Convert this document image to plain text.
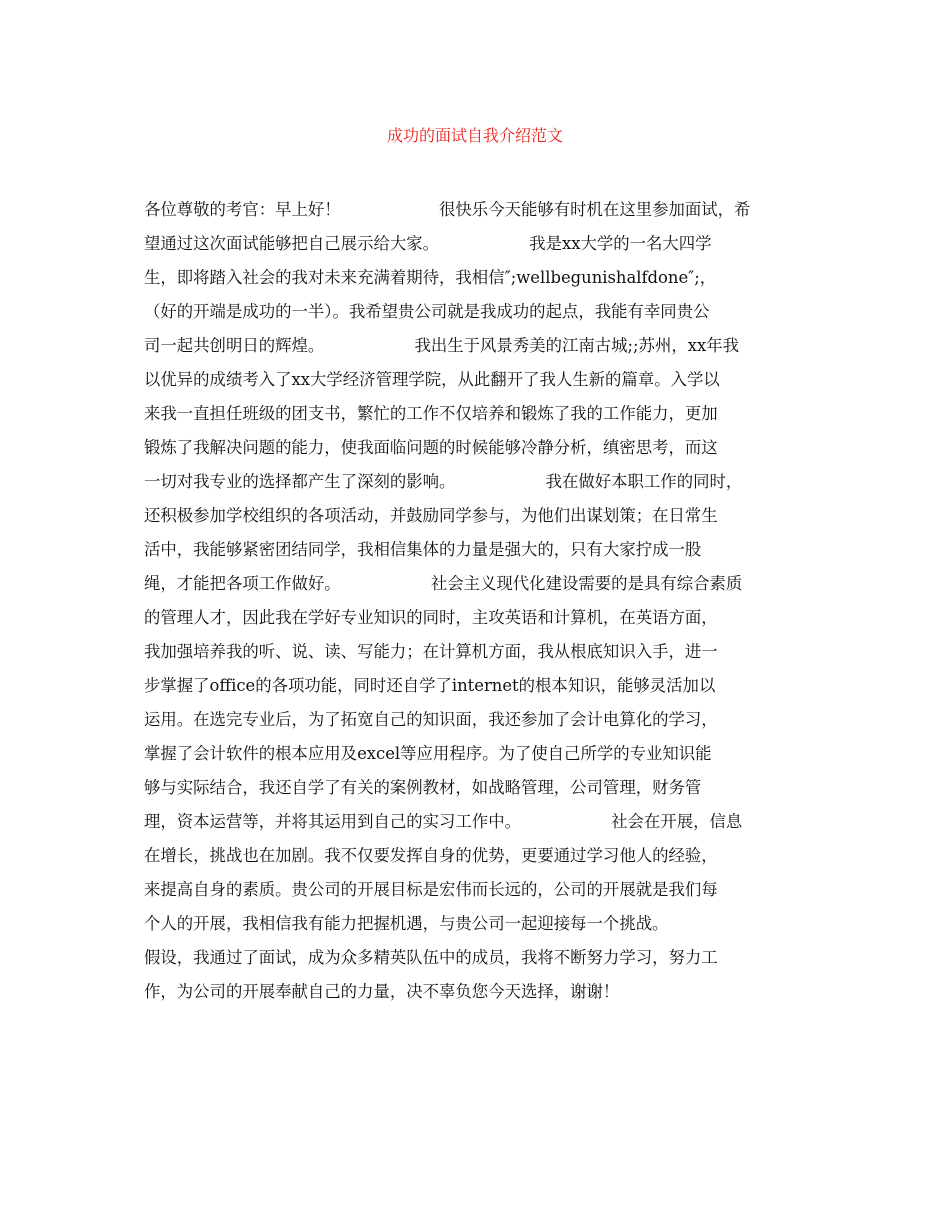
成功的面试自我介绍范文
各位尊敬的考官：早上好！　　　　　　很快乐今天能够有时机在这里参加面试，希
望通过这次面试能够把自己展示给大家。　　　　　　我是xx大学的一名大四学
生，即将踏入社会的我对未来充满着期待，我相信″;wellbegunishalfdone″;，
（好的开端是成功的一半）。我希望贵公司就是我成功的起点，我能有幸同贵公
司一起共创明日的辉煌。　　　　　　我出生于风景秀美的江南古城;;苏州，xx年我
以优异的成绩考入了xx大学经济管理学院，从此翻开了我人生新的篇章。入学以
来我一直担任班级的团支书，繁忙的工作不仅培养和锻炼了我的工作能力，更加
锻炼了我解决问题的能力，使我面临问题的时候能够冷静分析，缜密思考，而这
一切对我专业的选择都产生了深刻的影响。　　　　　　我在做好本职工作的同时，
还积极参加学校组织的各项活动，并鼓励同学参与，为他们出谋划策；在日常生
活中，我能够紧密团结同学，我相信集体的力量是强大的，只有大家拧成一股
绳，才能把各项工作做好。　　　　　　社会主义现代化建设需要的是具有综合素质
的管理人才，因此我在学好专业知识的同时，主攻英语和计算机，在英语方面，
我加强培养我的听、说、读、写能力；在计算机方面，我从根底知识入手，进一
步掌握了office的各项功能，同时还自学了internet的根本知识，能够灵活加以
运用。在选完专业后，为了拓宽自己的知识面，我还参加了会计电算化的学习，
掌握了会计软件的根本应用及excel等应用程序。为了使自己所学的专业知识能
够与实际结合，我还自学了有关的案例教材，如战略管理，公司管理，财务管
理，资本运营等，并将其运用到自己的实习工作中。　　　　　　社会在开展，信息
在增长，挑战也在加剧。我不仅要发挥自身的优势，更要通过学习他人的经验，
来提高自身的素质。贵公司的开展目标是宏伟而长远的，公司的开展就是我们每
个人的开展，我相信我有能力把握机遇，与贵公司一起迎接每一个挑战。
假设，我通过了面试，成为众多精英队伍中的成员，我将不断努力学习，努力工
作，为公司的开展奉献自己的力量，决不辜负您今天选择，谢谢！
